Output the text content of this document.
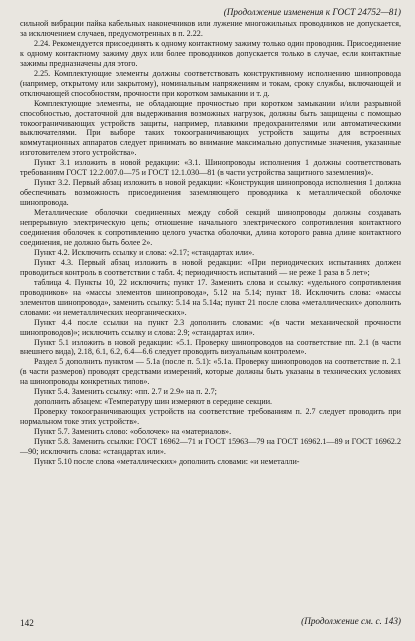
(Продолжение изменения к ГОСТ 24752—81)

сильной вибрации пайка кабельных наконечников или лужение многожильных проводников не допускается, за исключением случаев, предусмотренных в п. 2.22.

2.24. Рекомендуется присоединять к одному контактному зажиму только один проводник. Присоединение к одному контактному зажиму двух или более проводников допускается только в случае, если контактные зажимы предназначены для этого.

2.25. Комплектующие элементы должны соответствовать конструктивному исполнению шинопровода (например, открытому или закрытому), номинальным напряжениям и токам, сроку службы, включающей и отключающей способностям, прочности при коротком замыкании и т. д.

Комплектующие элементы, не обладающие прочностью при коротком замыкании и/или разрывной способностью, достаточной для выдерживания возможных нагрузок, должны быть защищены с помощью токоограничивающих устройств защиты, например, плавкими предохранителями или автоматическими выключателями. При выборе таких токоограничивающих устройств защиты для встроенных коммутационных аппаратов следует принимать во внимание максимально допустимые значения, указанные изготовителем этого устройства».

Пункт 3.1 изложить в новой редакции: «3.1. Шинопроводы исполнения 1 должны соответствовать требованиям ГОСТ 12.2.007.0—75 и ГОСТ 12.1.030—81 (в части устройства защитного заземления)».

Пункт 3.2. Первый абзац изложить в новой редакции: «Конструкция шинопровода исполнения 1 должна обеспечивать возможность присоединения заземляющего проводника к металлической оболочке шинопровода.

Металлические оболочки соединенных между собой секций шинопроводы должны создавать непрерывную электрическую цепь; отношение начального электрического сопротивления контактного соединения оболочек к сопротивлению целого участка оболочки, длина которого равна длине контактного соединения, не должно быть более 2».

Пункт 4.2. Исключить ссылку и слова: «2.17; «стандартах или».

Пункт 4.3. Первый абзац изложить в новой редакции: «При периодических испытаниях должен проводиться контроль в соответствии с табл. 4; периодичность испытаний — не реже 1 раза в 5 лет»;

таблица 4. Пункты 10, 22 исключить; пункт 17. Заменить слова и ссылку: «удельного сопротивления проводников» на «массы элементов шинопровода», 5.12 на 5.14; пункт 18. Исключить слова: «массы элементов шинопровода», заменить ссылку: 5.14 на 5.14а; пункт 21 после слова «металлических» дополнить словами: «и неметаллических неорганических».

Пункт 4.4 после ссылки на пункт 2.3 дополнить словами: «(в части механической прочности шинопроводов)»; исключить ссылку и слова: 2.9; «стандартах или».

Пункт 5.1 изложить в новой редакции: «5.1. Проверку шинопроводов на соответствие пп. 2.1 (в части внешнего вида), 2.18, 6.1, 6.2, 6.4—6.6 следует проводить визуальным контролем».

Раздел 5 дополнить пунктом — 5.1а (после п. 5.1): «5.1а. Проверку шинопроводов на соответствие п. 2.1 (в части размеров) проводят средствами измерений, которые должны быть указаны в технических условиях на шинопроводы конкретных типов».

Пункт 5.4. Заменить ссылку: «пп. 2.7 и 2.9» на п. 2.7;

дополнить абзацем: «Температуру шин измеряют в середине секции.

Проверку токоограничивающих устройств на соответствие требованиям п. 2.7 следует проводить при нормальном токе этих устройств».

Пункт 5.7. Заменить слово: «оболочек» на «материалов».

Пункт 5.8. Заменить ссылки: ГОСТ 16962—71 и ГОСТ 15963—79 на ГОСТ 16962.1—89 и ГОСТ 16962.2—90; исключить слова: «стандартах или».

Пункт 5.10 после слова «металлических» дополнить словами: «и неметалли-

142	(Продолжение см. с. 143)
